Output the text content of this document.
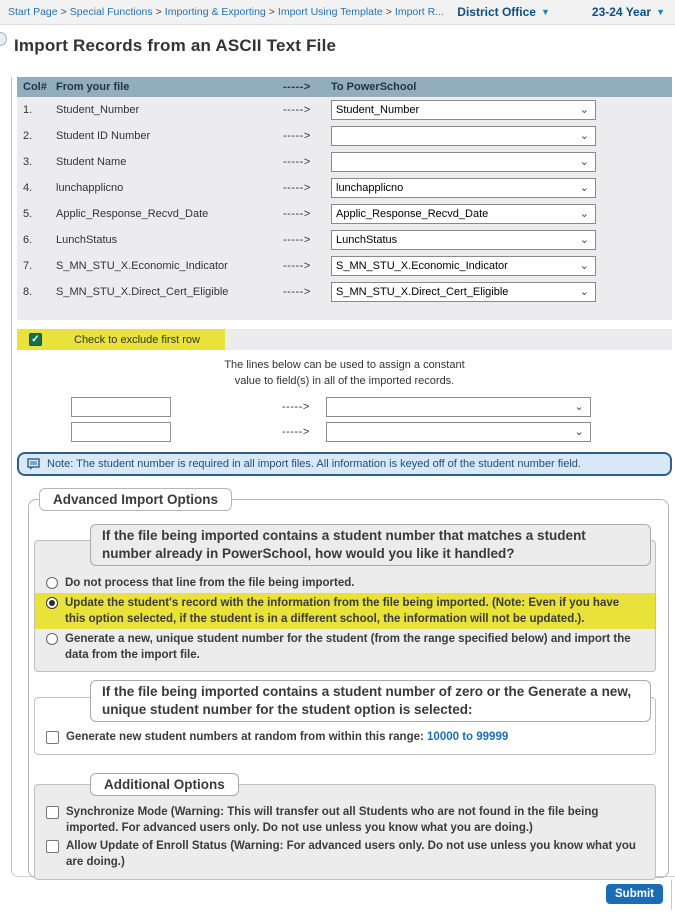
Start Page > Special Functions > Importing & Exporting > Import Using Template > Import R... District Office ▼	23-24 Year ▼
Import Records from an ASCII Text File
Col# From your file	----->	To PowerSchool
1.	Student_Number	----->	Student_Number	⌄
2.	Student ID Number	----->	⌄
3.	Student Name	----->	⌄
4.	lunchapplicno	----->	lunchapplicno	⌄
5.	Applic_Response_Recvd_Date	----->	Applic_Response_Recvd_Date	⌄
6.	LunchStatus	----->	LunchStatus	⌄
7.	S_MN_STU_X.Economic_Indicator	----->	S_MN_STU_X.Economic_Indicator	⌄
8.	S_MN_STU_X.Direct_Cert_Eligible	----->	S_MN_STU_X.Direct_Cert_Eligible	⌄
✓	Check to exclude first row
The lines below can be used to assign a constant
value to field(s) in all of the imported records.
----->	⌄
----->	⌄
Note: The student number is required in all import files. All information is keyed off of the student number field.
Advanced Import Options
If the file being imported contains a student number that matches a student number already in PowerSchool, how would you like it handled?
Do not process that line from the file being imported.
Update the student's record with the information from the file being imported. (Note: Even if you have this option selected, if the student is in a different school, the information will not be updated.).
Generate a new, unique student number for the student (from the range specified below) and import the data from the import file.
If the file being imported contains a student number of zero or the Generate a new, unique student number for the student option is selected:
Generate new student numbers at random from within this range: 10000 to 99999
Additional Options
Synchronize Mode (Warning: This will transfer out all Students who are not found in the file being imported. For advanced users only. Do not use unless you know what you are doing.)
Allow Update of Enroll Status (Warning: For advanced users only. Do not use unless you know what you are doing.)
Submit
